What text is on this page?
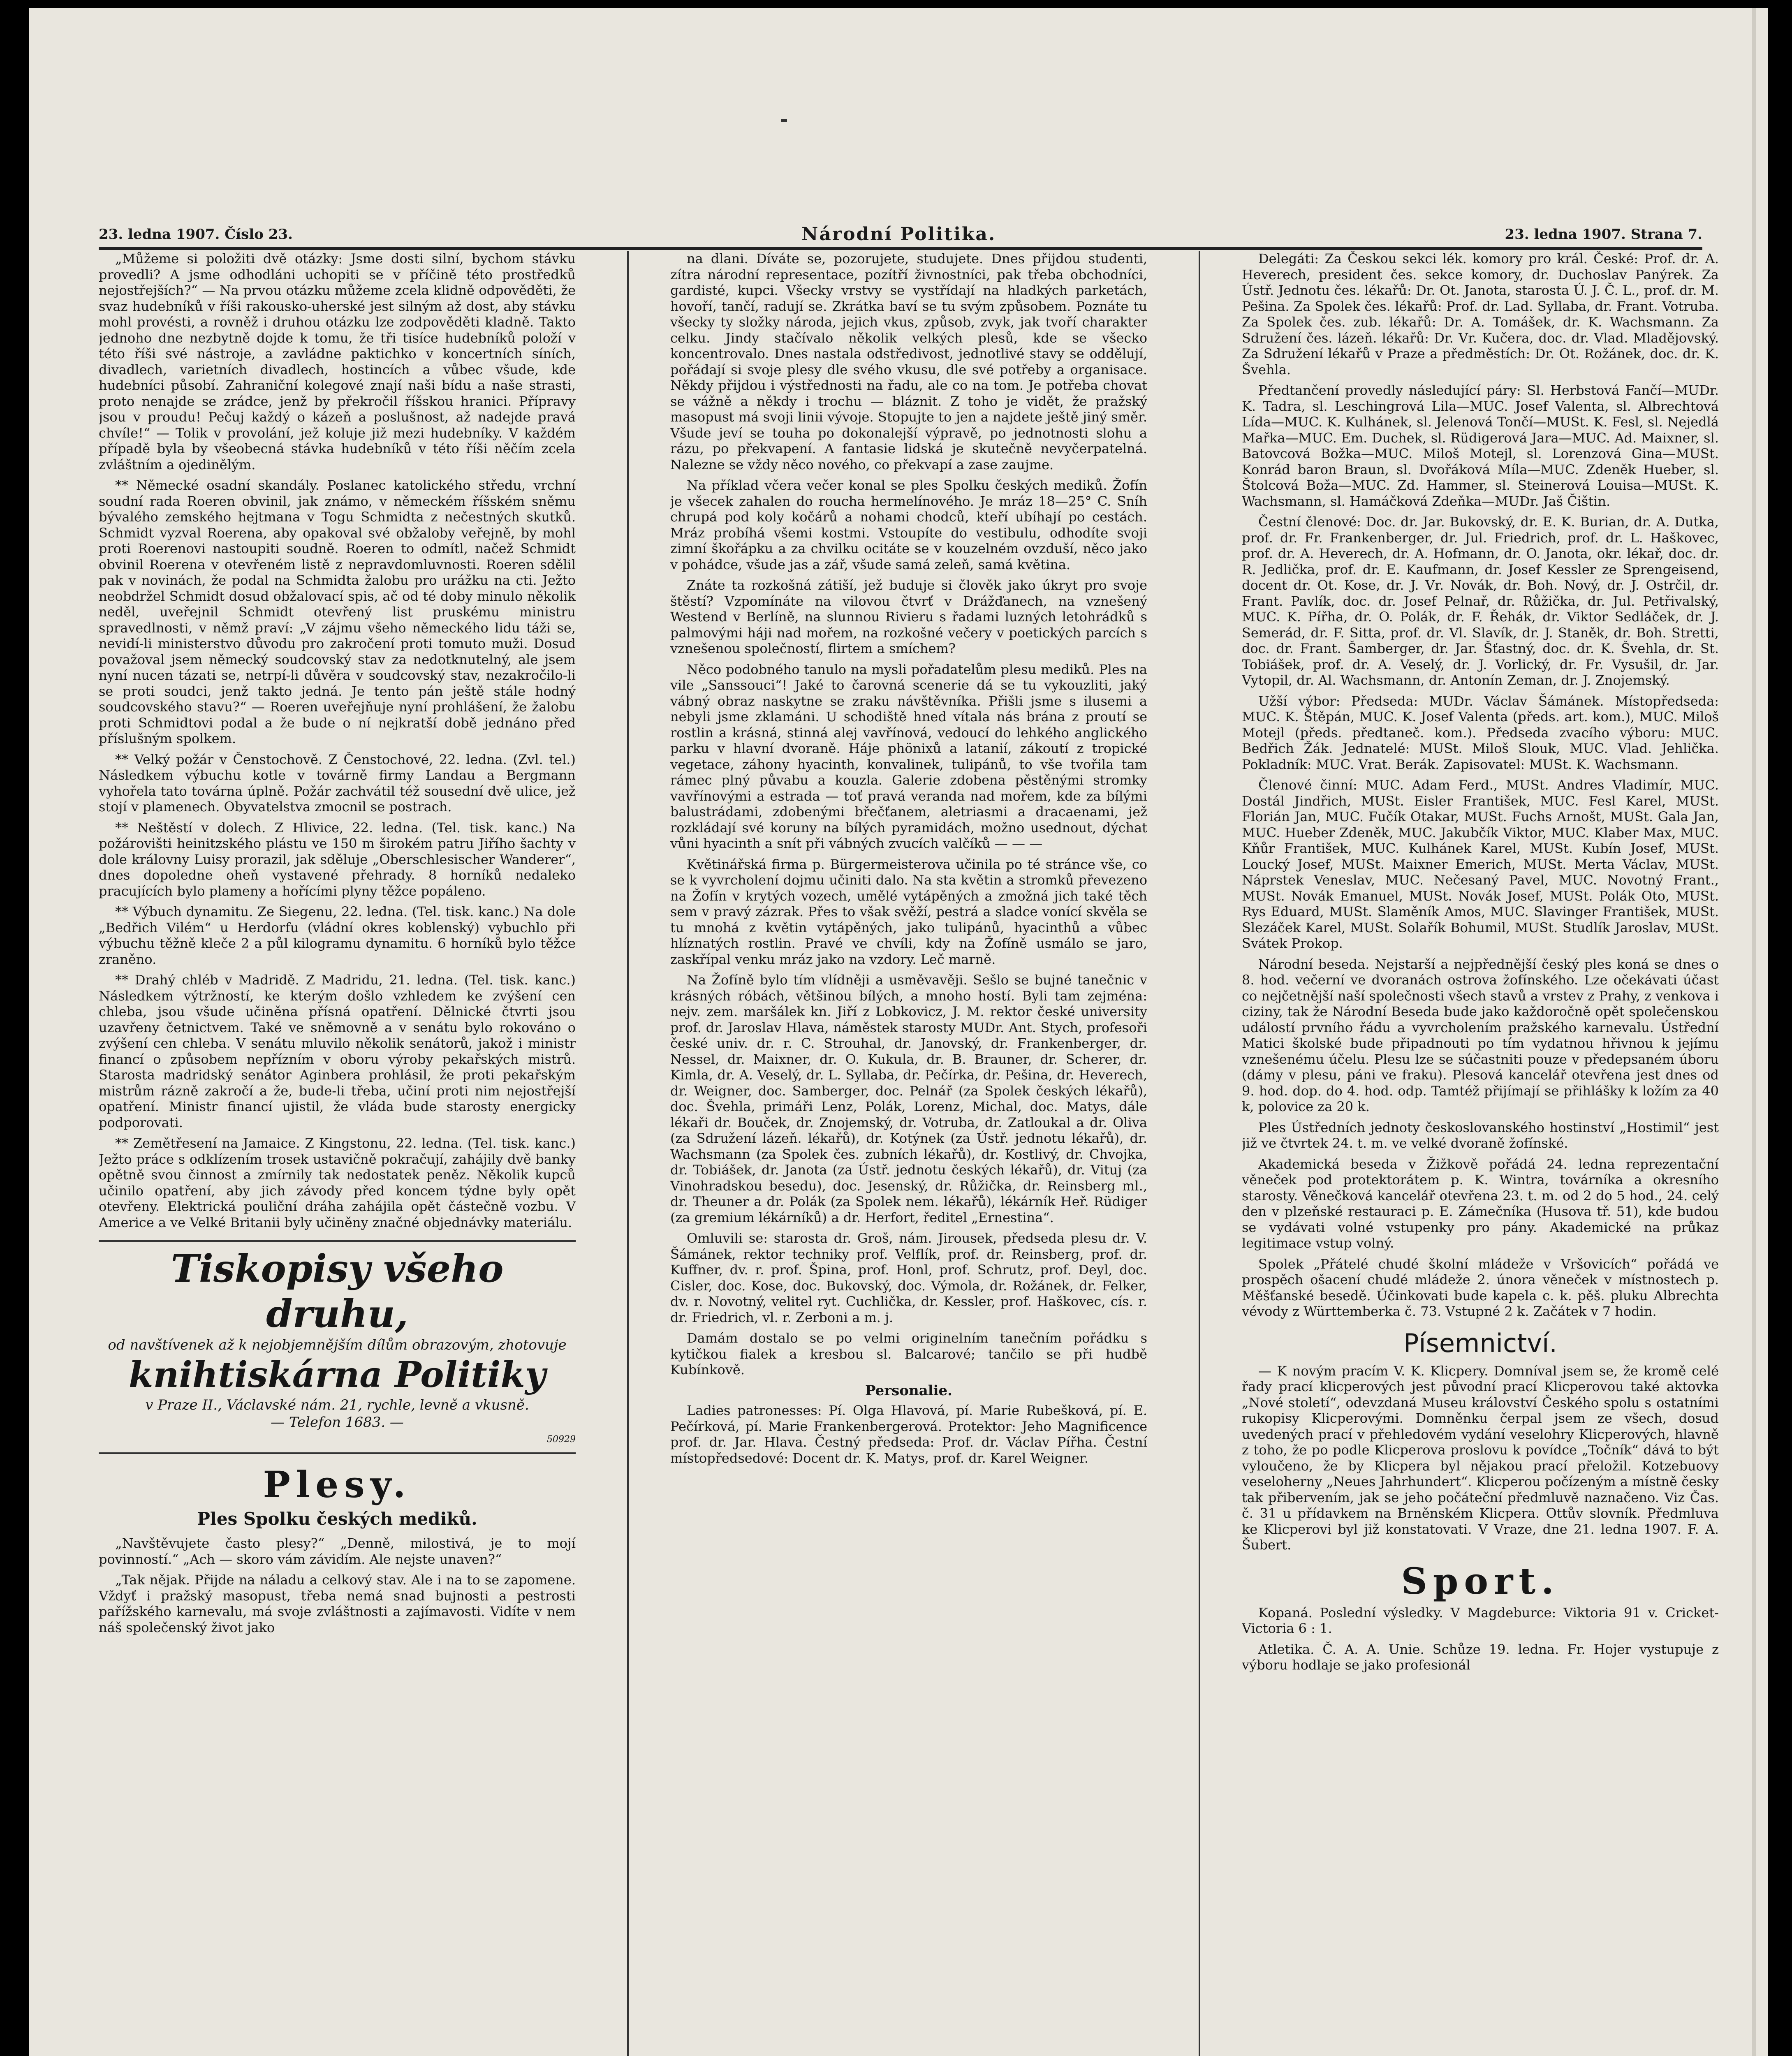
23. ledna 1907. Číslo 23.	Národní Politika.	23. ledna 1907. Strana 7.

„Můžeme si položiti dvě otázky: Jsme dosti silní, bychom stávku provedli? A jsme odhodláni uchopiti se v příčině této prostředků nejostřejších?“ — Na prvou otázku můžeme zcela klidně odpověděti, že svaz hudebníků v říši rakousko-uherské jest silným až dost, aby stávku mohl provésti, a rovněž i druhou otázku lze zodpověděti kladně. Takto jednoho dne nezbytně dojde k tomu, že tři tisíce hudebníků položí v této říši své nástroje, a zavládne paktichko v koncertních síních, divadlech, varietních divadlech, hostincích a vůbec všude, kde hudebníci působí. Zahraniční kolegové znají naši bídu a naše strasti, proto nenajde se zrádce, jenž by překročil říšskou hranici. Přípravy jsou v proudu! Pečuj každý o kázeň a poslušnost, až nadejde pravá chvíle!“ — Tolik v provolání, jež koluje již mezi hudebníky. V každém případě byla by všeobecná stávka hudebníků v této říši něčím zcela zvláštním a ojedinělým.

** Německé osadní skandály. Poslanec katolického středu, vrchní soudní rada Roeren obvinil, jak známo, v německém říšském sněmu bývalého zemského hejtmana v Togu Schmidta z nečestných skutků. Schmidt vyzval Roerena, aby opakoval své obžaloby veřejně, by mohl proti Roerenovi nastoupiti soudně. Roeren to odmítl, načež Schmidt obvinil Roerena v otevřeném listě z nepravdomluvnosti. Roeren sdělil pak v novinách, že podal na Schmidta žalobu pro urážku na cti. Ježto neobdržel Schmidt dosud obžalovací spis, ač od té doby minulo několik neděl, uveřejnil Schmidt otevřený list pruskému ministru spravedlnosti, v němž praví: „V zájmu všeho německého lidu táži se, nevidí-li ministerstvo důvodu pro zakročení proti tomuto muži. Dosud považoval jsem německý soudcovský stav za nedotknutelný, ale jsem nyní nucen tázati se, netrpí-li důvěra v soudcovský stav, nezakročilo-li se proti soudci, jenž takto jedná. Je tento pán ještě stále hodný soudcovského stavu?“ — Roeren uveřejňuje nyní prohlášení, že žalobu proti Schmidtovi podal a že bude o ní nejkratší době jednáno před příslušným spolkem.

** Velký požár v Čenstochově. Z Čenstochové, 22. ledna. (Zvl. tel.) Následkem výbuchu kotle v továrně firmy Landau a Bergmann vyhořela tato továrna úplně. Požár zachvátil též sousední dvě ulice, jež stojí v plamenech. Obyvatelstva zmocnil se postrach.

** Neštěstí v dolech. Z Hlivice, 22. ledna. (Tel. tisk. kanc.) Na požárovišti heinitzského plástu ve 150 m širokém patru Jiřího šachty v dole královny Luisy prorazil, jak sděluje „Oberschlesischer Wanderer“, dnes dopoledne oheň vystavené přehrady. 8 horníků nedaleko pracujících bylo plameny a hořícími plyny těžce popáleno.

** Výbuch dynamitu. Ze Siegenu, 22. ledna. (Tel. tisk. kanc.) Na dole „Bedřich Vilém“ u Herdorfu (vládní okres koblenský) vybuchlo při výbuchu těžně kleče 2 a půl kilogramu dynamitu. 6 horníků bylo těžce zraněno.

** Drahý chléb v Madridě. Z Madridu, 21. ledna. (Tel. tisk. kanc.) Následkem výtržností, ke kterým došlo vzhledem ke zvýšení cen chleba, jsou všude učiněna přísná opatření. Dělnické čtvrti jsou uzavřeny četnictvem. Také ve sněmovně a v senátu bylo rokováno o zvýšení cen chleba. V senátu mluvilo několik senátorů, jakož i ministr financí o způsobem nepřízním v oboru výroby pekařských mistrů. Starosta madridský senátor Aginbera prohlásil, že proti pekařským mistrům rázně zakročí a že, bude-li třeba, učiní proti nim nejostřejší opatření. Ministr financí ujistil, že vláda bude starosty energicky podporovati.

** Zemětřesení na Jamaice. Z Kingstonu, 22. ledna. (Tel. tisk. kanc.) Ježto práce s odklízením trosek ustavičně pokračují, zahájily dvě banky opětně svou činnost a zmírnily tak nedostatek peněz. Několik kupců učinilo opatření, aby jich závody před koncem týdne byly opět otevřeny. Elektrická pouliční dráha zahájila opět částečně vozbu. V Americe a ve Velké Britanii byly učiněny značné objednávky materiálu.

Tiskopisy všeho druhu,
od navštívenek až k nejobjemnějším dílům obrazovým, zhotovuje
knihtiskárna Politiky
v Praze II., Václavské nám. 21, rychle, levně a vkusně.
— Telefon 1683. —
50929
Plesy.
Ples Spolku českých mediků.

„Navštěvujete často plesy?“ „Denně, milostivá, je to mojí povinností.“ „Ach — skoro vám závidím. Ale nejste unaven?“

„Tak nějak. Přijde na náladu a celkový stav. Ale i na to se zapomene. Vždyť i pražský masopust, třeba nemá snad bujnosti a pestrosti pařížského karnevalu, má svoje zvláštnosti a zajímavosti. Vidíte v nem náš společenský život jako

na dlani. Díváte se, pozorujete, studujete. Dnes přijdou studenti, zítra národní representace, pozítří živnostníci, pak třeba obchodníci, gardisté, kupci. Všecky vrstvy se vystřídají na hladkých parketách, hovoří, tančí, radují se. Zkrátka baví se tu svým způsobem. Poznáte tu všecky ty složky národa, jejich vkus, způsob, zvyk, jak tvoří charakter celku. Jindy stačívalo několik velkých plesů, kde se všecko koncentrovalo. Dnes nastala odstředivost, jednotlivé stavy se oddělují, pořádají si svoje plesy dle svého vkusu, dle své potřeby a organisace. Někdy přijdou i výstřednosti na řadu, ale co na tom. Je potřeba chovat se vážně a někdy i trochu — bláznit. Z toho je vidět, že pražský masopust má svoji linii vývoje. Stopujte to jen a najdete ještě jiný směr. Všude jeví se touha po dokonalejší výpravě, po jednotnosti slohu a rázu, po překvapení. A fantasie lidská je skutečně nevyčerpatelná. Nalezne se vždy něco nového, co překvapí a zase zaujme.

Na příklad včera večer konal se ples Spolku českých mediků. Žofín je všecek zahalen do roucha hermelínového. Je mráz 18—25° C. Sníh chrupá pod koly kočárů a nohami chodců, kteří ubíhají po cestách. Mráz probíhá všemi kostmi. Vstoupíte do vestibulu, odhodíte svoji zimní škořápku a za chvilku ocitáte se v kouzelném ovzduší, něco jako v pohádce, všude jas a zář, všude samá zeleň, samá květina.

Znáte ta rozkošná zátiší, jež buduje si člověk jako úkryt pro svoje štěstí? Vzpomínáte na vilovou čtvrť v Drážďanech, na vznešený Westend v Berlíně, na slunnou Rivieru s řadami luzných letohrádků s palmovými háji nad mořem, na rozkošné večery v poetických parcích s vznešenou společností, flirtem a smíchem?

Něco podobného tanulo na mysli pořadatelům plesu mediků. Ples na vile „Sanssouci“! Jaké to čarovná scenerie dá se tu vykouzliti, jaký vábný obraz naskytne se zraku návštěvníka. Přišli jsme s ilusemi a nebyli jsme zklamáni. U schodiště hned vítala nás brána z proutí se rostlin a krásná, stinná alej vavřínová, vedoucí do lehkého anglického parku v hlavní dvoraně. Háje phönixů a latanií, zákoutí z tropické vegetace, záhony hyacinth, konvalinek, tulipánů, to vše tvořila tam rámec plný půvabu a kouzla. Galerie zdobena pěstěnými stromky vavřínovými a estrada — toť pravá veranda nad mořem, kde za bílými balustrádami, zdobenými břečťanem, aletriasmi a dracaenami, jež rozkládají své koruny na bílých pyramidách, možno usednout, dýchat vůni hyacinth a snít při vábných zvucích valčíků — — —

Květinářská firma p. Bürgermeisterova učinila po té stránce vše, co se k vyvrcholení dojmu učiniti dalo. Na sta květin a stromků převezeno na Žofín v krytých vozech, umělé vytápěných a zmožná jich také těch sem v pravý zázrak. Přes to však svěží, pestrá a sladce vonící skvěla se tu mnohá z květin vytápěných, jako tulipánů, hyacinthů a vůbec hlíznatých rostlin. Pravé ve chvíli, kdy na Žofíně usmálo se jaro, zaskřípal venku mráz jako na vzdory. Leč marně.

Na Žofíně bylo tím vlídněji a usměvavěji. Sešlo se bujné tanečnic v krásných róbách, většinou bílých, a mnoho hostí. Byli tam zejména: nejv. zem. maršálek kn. Jiří z Lobkovicz, J. M. rektor české university prof. dr. Jaroslav Hlava, náměstek starosty MUDr. Ant. Stych, profesoři české univ. dr. r. C. Strouhal, dr. Janovský, dr. Frankenberger, dr. Nessel, dr. Maixner, dr. O. Kukula, dr. B. Brauner, dr. Scherer, dr. Kimla, dr. A. Veselý, dr. L. Syllaba, dr. Pečírka, dr. Pešina, dr. Heverech, dr. Weigner, doc. Samberger, doc. Pelnář (za Spolek českých lékařů), doc. Švehla, primáři Lenz, Polák, Lorenz, Michal, doc. Matys, dále lékaři dr. Bouček, dr. Znojemský, dr. Votruba, dr. Zatloukal a dr. Oliva (za Sdružení lázeň. lékařů), dr. Kotýnek (za Ústř. jednotu lékařů), dr. Wachsmann (za Spolek čes. zubních lékařů), dr. Kostlivý, dr. Chvojka, dr. Tobiášek, dr. Janota (za Ústř. jednotu českých lékařů), dr. Vituj (za Vinohradskou besedu), doc. Jesenský, dr. Růžička, dr. Reinsberg ml., dr. Theuner a dr. Polák (za Spolek nem. lékařů), lékárník Heř. Rüdiger (za gremium lékárníků) a dr. Herfort, ředitel „Ernestina“.

Omluvili se: starosta dr. Groš, nám. Jirousek, předseda plesu dr. V. Šámánek, rektor techniky prof. Velflík, prof. dr. Reinsberg, prof. dr. Kuffner, dv. r. prof. Špina, prof. Honl, prof. Schrutz, prof. Deyl, doc. Cisler, doc. Kose, doc. Bukovský, doc. Výmola, dr. Rožánek, dr. Felker, dv. r. Novotný, velitel ryt. Cuchlička, dr. Kessler, prof. Haškovec, cís. r. dr. Friedrich, vl. r. Zerboni a m. j.

Damám dostalo se po velmi originelním tanečním pořádku s kytičkou fialek a kresbou sl. Balcarové; tančilo se při hudbě Kubínkově.

Personalie.

Ladies patronesses: Pí. Olga Hlavová, pí. Marie Rubešková, pí. E. Pečírková, pí. Marie Frankenbergerová. Protektor: Jeho Magnificence prof. dr. Jar. Hlava. Čestný předseda: Prof. dr. Václav Pířha. Čestní místopředsedové: Docent dr. K. Matys, prof. dr. Karel Weigner.

Delegáti: Za Českou sekci lék. komory pro král. České: Prof. dr. A. Heverech, president čes. sekce komory, dr. Duchoslav Panýrek. Za Ústř. Jednotu čes. lékařů: Dr. Ot. Janota, starosta Ú. J. Č. L., prof. dr. M. Pešina. Za Spolek čes. lékařů: Prof. dr. Lad. Syllaba, dr. Frant. Votruba. Za Spolek čes. zub. lékařů: Dr. A. Tomášek, dr. K. Wachsmann. Za Sdružení čes. lázeň. lékařů: Dr. Vr. Kučera, doc. dr. Vlad. Mladějovský. Za Sdružení lékařů v Praze a předměstích: Dr. Ot. Rožánek, doc. dr. K. Švehla.

Předtančení provedly následující páry: Sl. Herbstová Fančí—MUDr. K. Tadra, sl. Leschingrová Lila—MUC. Josef Valenta, sl. Albrechtová Lída—MUC. K. Kulhánek, sl. Jelenová Tončí—MUSt. K. Fesl, sl. Nejedlá Mařka—MUC. Em. Duchek, sl. Rüdigerová Jara—MUC. Ad. Maixner, sl. Batovcová Božka—MUC. Miloš Motejl, sl. Lorenzová Gina—MUSt. Konrád baron Braun, sl. Dvořáková Míla—MUC. Zdeněk Hueber, sl. Štolcová Boža—MUC. Zd. Hammer, sl. Steinerová Louisa—MUSt. K. Wachsmann, sl. Hamáčková Zdeňka—MUDr. Jaš Čištin.

Čestní členové: Doc. dr. Jar. Bukovský, dr. E. K. Burian, dr. A. Dutka, prof. dr. Fr. Frankenberger, dr. Jul. Friedrich, prof. dr. L. Haškovec, prof. dr. A. Heverech, dr. A. Hofmann, dr. O. Janota, okr. lékař, doc. dr. R. Jedlička, prof. dr. E. Kaufmann, dr. Josef Kessler ze Sprengeisend, docent dr. Ot. Kose, dr. J. Vr. Novák, dr. Boh. Nový, dr. J. Ostrčil, dr. Frant. Pavlík, doc. dr. Josef Pelnař, dr. Růžička, dr. Jul. Petřivalský, MUC. K. Pířha, dr. O. Polák, dr. F. Řehák, dr. Viktor Sedláček, dr. J. Semerád, dr. F. Sitta, prof. dr. Vl. Slavík, dr. J. Staněk, dr. Boh. Stretti, doc. dr. Frant. Šamberger, dr. Jar. Šťastný, doc. dr. K. Švehla, dr. St. Tobiášek, prof. dr. A. Veselý, dr. J. Vorlický, dr. Fr. Vysušil, dr. Jar. Vytopil, dr. Al. Wachsmann, dr. Antonín Zeman, dr. J. Znojemský.

Užší výbor: Předseda: MUDr. Václav Šámánek. Místopředseda: MUC. K. Štěpán, MUC. K. Josef Valenta (předs. art. kom.), MUC. Miloš Motejl (předs. předtaneč. kom.). Předseda zvacího výboru: MUC. Bedřich Žák. Jednatelé: MUSt. Miloš Slouk, MUC. Vlad. Jehlička. Pokladník: MUC. Vrat. Berák. Zapisovatel: MUSt. K. Wachsmann.

Členové činní: MUC. Adam Ferd., MUSt. Andres Vladimír, MUC. Dostál Jindřich, MUSt. Eisler František, MUC. Fesl Karel, MUSt. Florián Jan, MUC. Fučík Otakar, MUSt. Fuchs Arnošt, MUSt. Gala Jan, MUC. Hueber Zdeněk, MUC. Jakubčík Viktor, MUC. Klaber Max, MUC. Kňůr František, MUC. Kulhánek Karel, MUSt. Kubín Josef, MUSt. Loucký Josef, MUSt. Maixner Emerich, MUSt. Merta Václav, MUSt. Náprstek Veneslav, MUC. Nečesaný Pavel, MUC. Novotný Frant., MUSt. Novák Emanuel, MUSt. Novák Josef, MUSt. Polák Oto, MUSt. Rys Eduard, MUSt. Slaměník Amos, MUC. Slavinger František, MUSt. Slezáček Karel, MUSt. Solařík Bohumil, MUSt. Studlík Jaroslav, MUSt. Svátek Prokop.

Národní beseda. Nejstarší a nejpřednější český ples koná se dnes o 8. hod. večerní ve dvoranách ostrova žofínského. Lze očekávati účast co nejčetnější naší společnosti všech stavů a vrstev z Prahy, z venkova i ciziny, tak že Národní Beseda bude jako každoročně opět společenskou událostí prvního řádu a vyvrcholením pražského karnevalu. Ústřední Matici školské bude připadnouti po tím vydatnou hřivnou k jejímu vznešenému účelu. Plesu lze se súčastniti pouze v předepsaném úboru (dámy v plesu, páni ve fraku). Plesová kancelář otevřena jest dnes od 9. hod. dop. do 4. hod. odp. Tamtéž přijímají se přihlášky k ložím za 40 k, polovice za 20 k.

Ples Ústředních jednoty českoslovanského hostinství „Hostimil“ jest již ve čtvrtek 24. t. m. ve velké dvoraně žofínské.

Akademická beseda v Žižkově pořádá 24. ledna reprezentační věneček pod protektorátem p. K. Wintra, továrníka a okresního starosty. Věnečková kancelář otevřena 23. t. m. od 2 do 5 hod., 24. celý den v plzeňské restauraci p. E. Zámečníka (Husova tř. 51), kde budou se vydávati volné vstupenky pro pány. Akademické na průkaz legitimace vstup volný.

Spolek „Přátelé chudé školní mládeže v Vršovicích“ pořádá ve prospěch ošacení chudé mládeže 2. února věneček v místnostech p. Měšťanské besedě. Účinkovati bude kapela c. k. pěš. pluku Albrechta vévody z Württemberka č. 73. Vstupné 2 k. Začátek v 7 hodin.

Písemnictví.

— K novým pracím V. K. Klicpery. Domníval jsem se, že kromě celé řady prací klicperových jest původní prací Klicperovou také aktovka „Nové století“, odevzdaná Museu království Českého spolu s ostatními rukopisy Klicperovými. Domněnku čerpal jsem ze všech, dosud uvedených prací v přehledovém vydání veselohry Klicperových, hlavně z toho, že po podle Klicperova proslovu k povídce „Točník“ dává to být vyloučeno, že by Klicpera byl nějakou prací přeložil. Kotzebuovy veseloherny „Neues Jahrhundert“. Klicperou počízeným a místně česky tak přibervením, jak se jeho počáteční předmluvě naznačeno. Viz Čas. č. 31 u přídavkem na Brněnském Klicpera. Ottův slovník. Předmluva ke Klicperovi byl již konstatovati. V Vraze, dne 21. ledna 1907. F. A. Šubert.

Sport.

Kopaná. Poslední výsledky. V Magdeburce: Viktoria 91 v. Cricket-Victoria 6 : 1.

Atletika. Č. A. A. Unie. Schůze 19. ledna. Fr. Hojer vystupuje z výboru hodlaje se jako profesionál
